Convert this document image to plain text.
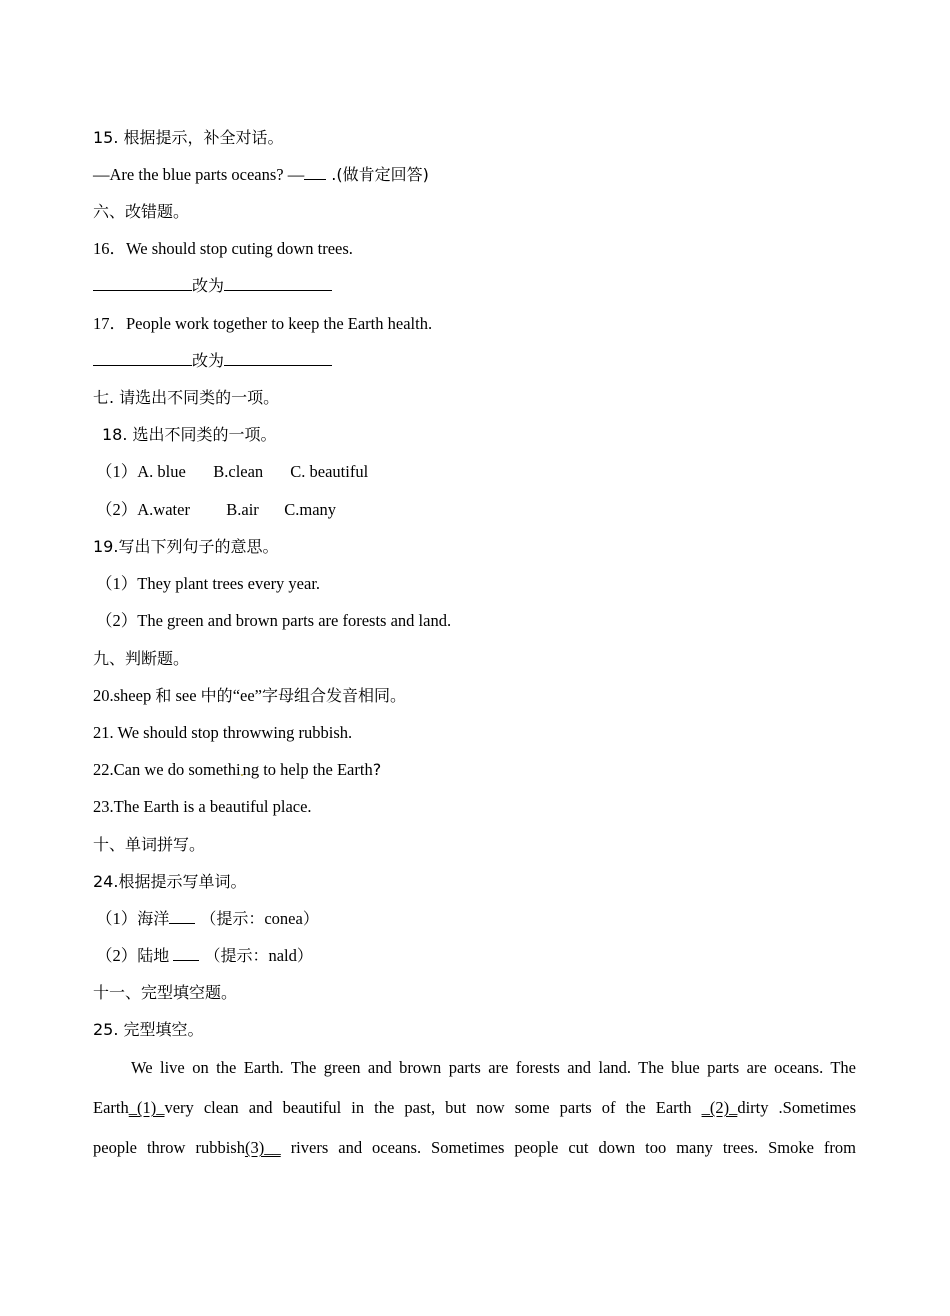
15. 根据提示，补全对话。
—Are the blue parts oceans? — .(做肯定回答)
六、改错题。
16．We should stop cuting down trees.
改为
17．People work together to keep the Earth health.
改为
七. 请选出不同类的一项。
18. 选出不同类的一项。
（1）A. blue B.clean C. beautiful
（2）A.water B.air C.many
19.写出下列句子的意思。
（1）They plant trees every year.
（2）The green and brown parts are forests and land.
九、判断题。
20.sheep 和 see 中的“ee”字母组合发音相同。
21. We should stop throwwing rubbish.
22.Can we do somethi ng to help the Earth?
23.The Earth is a beautiful place.
十、单词拼写。
24.根据提示写单词。
（1）海洋 （提示：conea）
（2）陆地  （提示：nald）
十一、完型填空题。
25. 完型填空。
We live on the Earth. The green and brown parts are forests and land. The blue parts are oceans. The
Earth_(1)_very clean and beautiful in the past, but now some parts of the Earth _(2)_dirty .Sometimes
people throw rubbish(3)__ rivers and oceans. Sometimes people cut down too many trees. Smoke from
